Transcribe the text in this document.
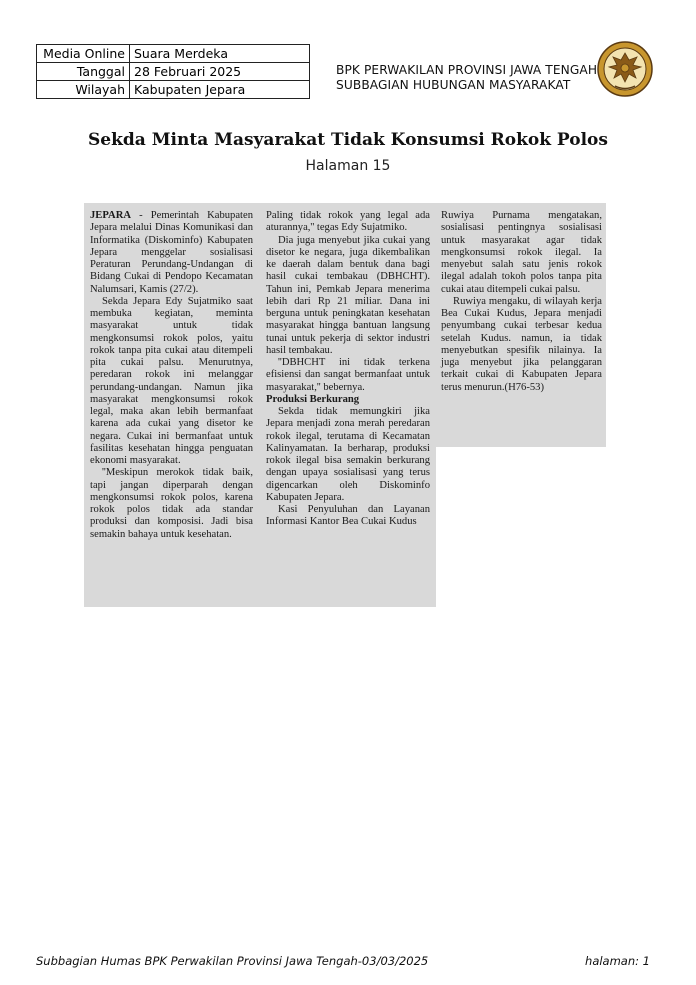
Media Online	Suara Merdeka
Tanggal	28 Februari 2025
Wilayah	Kabupaten Jepara
BPK PERWAKILAN PROVINSI JAWA TENGAH
SUBBAGIAN HUBUNGAN MASYARAKAT
Sekda Minta Masyarakat Tidak Konsumsi Rokok Polos
Halaman 15

JEPARA - Pemerintah Kabupaten Jepara melalui Dinas Komunikasi dan Informatika (Diskominfo) Kabupaten Jepara menggelar sosialisasi Peraturan Perundang-Undangan di Bidang Cukai di Pendopo Kecamatan Nalumsari, Kamis (27/2).

Sekda Jepara Edy Sujatmiko saat membuka kegiatan, meminta masyarakat untuk tidak mengkonsumsi rokok polos, yaitu rokok tanpa pita cukai atau ditempeli pita cukai palsu. Menurutnya, peredaran rokok ini melanggar perundang-undangan. Namun jika masyarakat mengkonsumsi rokok legal, maka akan lebih bermanfaat karena ada cukai yang disetor ke negara. Cukai ini bermanfaat untuk fasilitas kesehatan hingga penguatan ekonomi masyarakat.

''Meskipun merokok tidak baik, tapi jangan diperparah dengan mengkonsumsi rokok polos, karena rokok polos tidak ada standar produksi dan komposisi. Jadi bisa semakin bahaya untuk kesehatan.

Paling tidak rokok yang legal ada aturannya,'' tegas Edy Sujatmiko.

Dia juga menyebut jika cukai yang disetor ke negara, juga dikembalikan ke daerah dalam bentuk dana bagi hasil cukai tembakau (DBHCHT). Tahun ini, Pemkab Jepara menerima lebih dari Rp 21 miliar. Dana ini berguna untuk peningkatan kesehatan masyarakat hingga bantuan langsung tunai untuk pekerja di sektor industri hasil tembakau.

''DBHCHT ini tidak terkena efisiensi dan sangat bermanfaat untuk masyarakat,'' bebernya.

Produksi Berkurang

Sekda tidak memungkiri jika Jepara menjadi zona merah peredaran rokok ilegal, terutama di Kecamatan Kalinyamatan. Ia berharap, produksi rokok ilegal bisa semakin berkurang dengan upaya sosialisasi yang terus digencarkan oleh Diskominfo Kabupaten Jepara.

Kasi Penyuluhan dan Layanan Informasi Kantor Bea Cukai Kudus

Ruwiya Purnama mengatakan, sosialisasi pentingnya sosialisasi untuk masyarakat agar tidak mengkonsumsi rokok ilegal. Ia menyebut salah satu jenis rokok ilegal adalah tokoh polos tanpa pita cukai atau ditempeli cukai palsu.

Ruwiya mengaku, di wilayah kerja Bea Cukai Kudus, Jepara menjadi penyumbang cukai terbesar kedua setelah Kudus. namun, ia tidak menyebutkan spesifik nilainya. Ia juga menyebut jika pelanggaran terkait cukai di Kabupaten Jepara terus menurun.(H76-53)

Subbagian Humas BPK Perwakilan Provinsi Jawa Tengah-03/03/2025	halaman: 1
